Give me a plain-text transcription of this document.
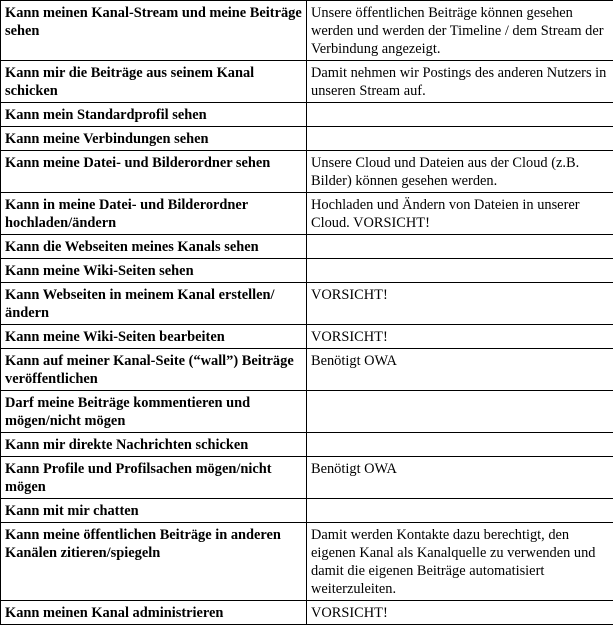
Kann meinen Kanal-Stream und meine Beiträge sehen	Unsere öffentlichen Beiträge können gesehen werden und werden der Timeline / dem Stream der Verbindung angezeigt.
Kann mir die Beiträge aus seinem Kanal schicken	Damit nehmen wir Postings des anderen Nutzers in unseren Stream auf.
Kann mein Standardprofil sehen	
Kann meine Verbindungen sehen	
Kann meine Datei- und Bilderordner sehen	Unsere Cloud und Dateien aus der Cloud (z.B. Bilder) können gesehen werden.
Kann in meine Datei- und Bilderordner hochladen/ändern	Hochladen und Ändern von Dateien in unserer Cloud. VORSICHT!
Kann die Webseiten meines Kanals sehen	
Kann meine Wiki-Seiten sehen	
Kann Webseiten in meinem Kanal erstellen/ändern	VORSICHT!
Kann meine Wiki-Seiten bearbeiten	VORSICHT!
Kann auf meiner Kanal-Seite (“wall”) Beiträge veröffentlichen	Benötigt OWA
Darf meine Beiträge kommentieren und mögen/nicht mögen	
Kann mir direkte Nachrichten schicken	
Kann Profile und Profilsachen mögen/nicht mögen	Benötigt OWA
Kann mit mir chatten	
Kann meine öffentlichen Beiträge in anderen Kanälen zitieren/spiegeln	Damit werden Kontakte dazu berechtigt, den eigenen Kanal als Kanalquelle zu verwenden und damit die eigenen Beiträge automatisiert weiterzuleiten.
Kann meinen Kanal administrieren	VORSICHT!
